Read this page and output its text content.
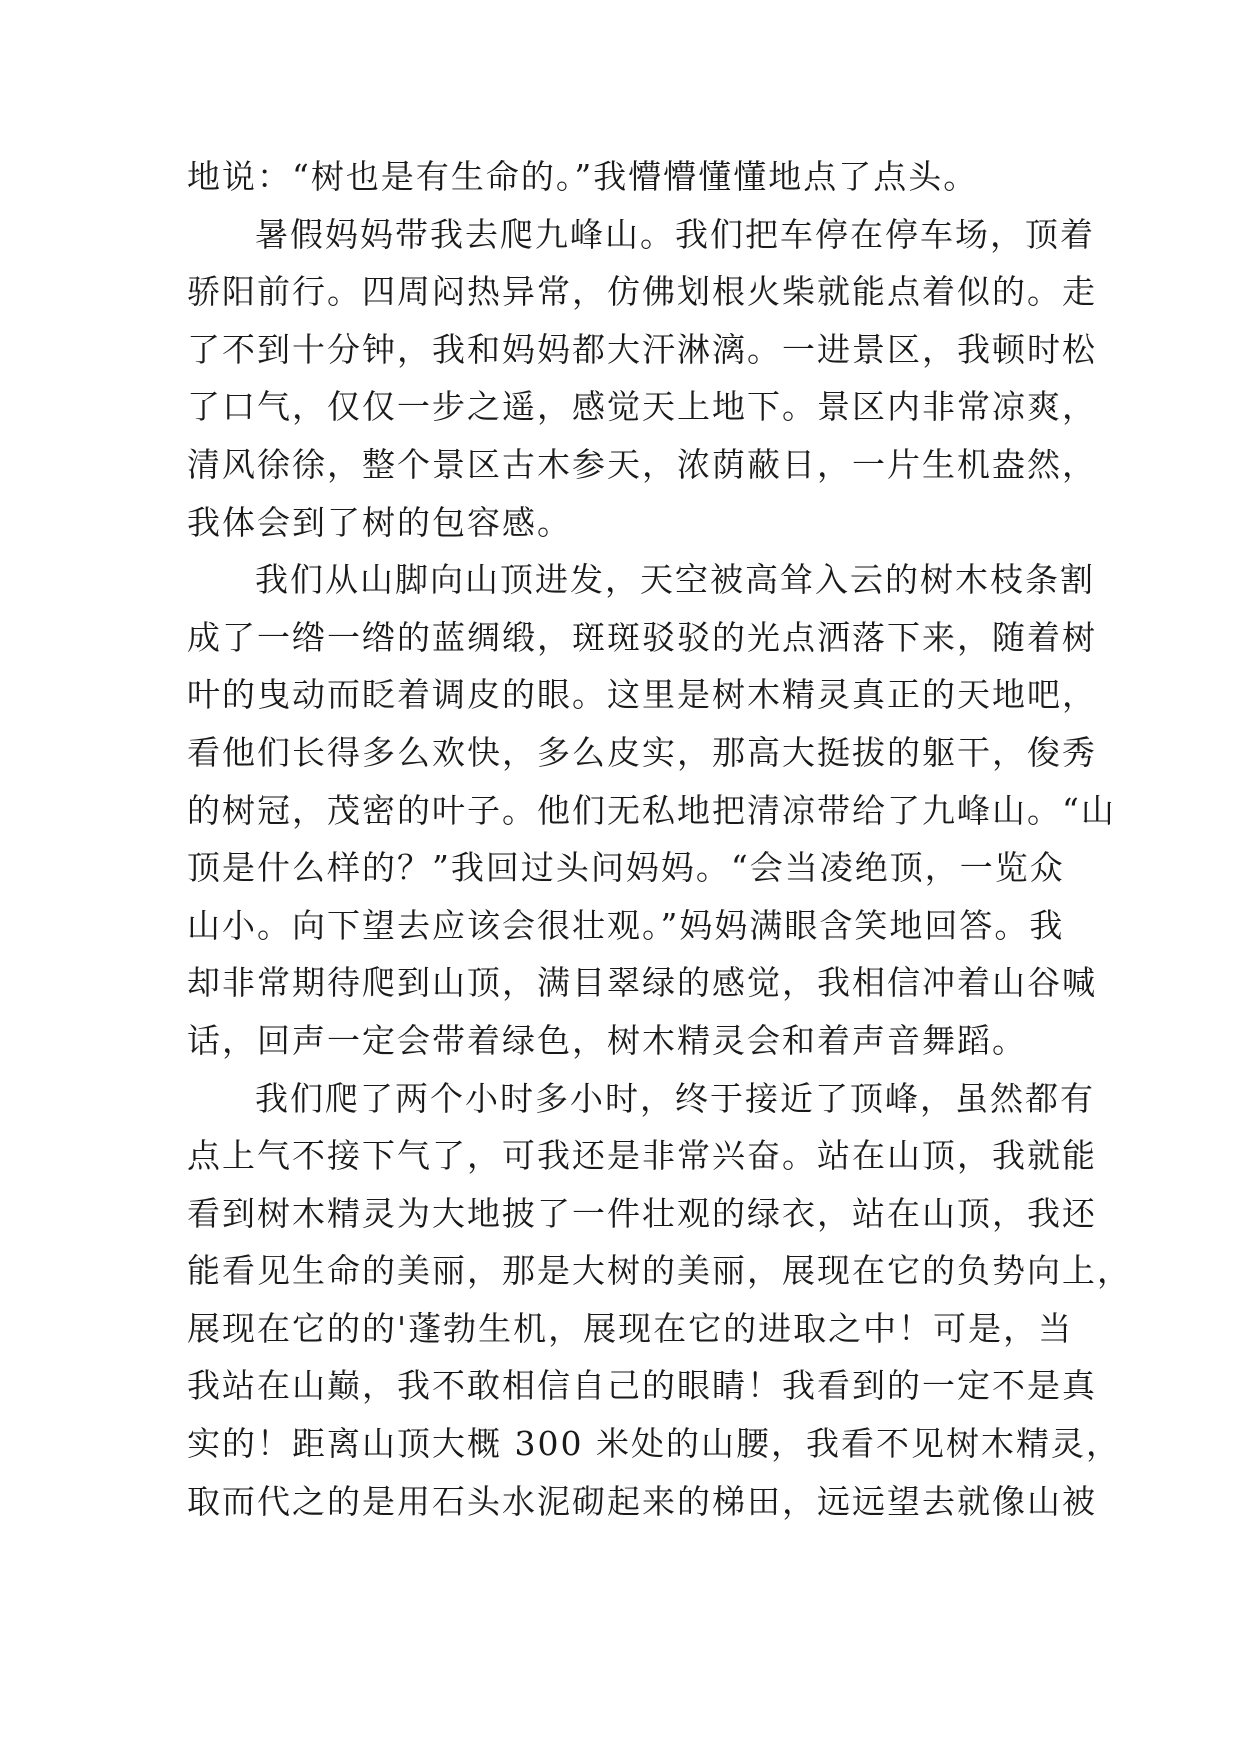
地说：“树也是有生命的。”我懵懵懂懂地点了点头。
暑假妈妈带我去爬九峰山。我们把车停在停车场，顶着
骄阳前行。四周闷热异常，仿佛划根火柴就能点着似的。走
了不到十分钟，我和妈妈都大汗淋漓。一进景区，我顿时松
了口气，仅仅一步之遥，感觉天上地下。景区内非常凉爽，
清风徐徐，整个景区古木参天，浓荫蔽日，一片生机盎然，
我体会到了树的包容感。
我们从山脚向山顶进发，天空被高耸入云的树木枝条割
成了一绺一绺的蓝绸缎，斑斑驳驳的光点洒落下来，随着树
叶的曳动而眨着调皮的眼。这里是树木精灵真正的天地吧，
看他们长得多么欢快，多么皮实，那高大挺拔的躯干，俊秀
的树冠，茂密的叶子。他们无私地把清凉带给了九峰山。“山
顶是什么样的？”我回过头问妈妈。“会当凌绝顶，一览众
山小。向下望去应该会很壮观。”妈妈满眼含笑地回答。我
却非常期待爬到山顶，满目翠绿的感觉，我相信冲着山谷喊
话，回声一定会带着绿色，树木精灵会和着声音舞蹈。
我们爬了两个小时多小时，终于接近了顶峰，虽然都有
点上气不接下气了，可我还是非常兴奋。站在山顶，我就能
看到树木精灵为大地披了一件壮观的绿衣，站在山顶，我还
能看见生命的美丽，那是大树的美丽，展现在它的负势向上，
展现在它的的'蓬勃生机，展现在它的进取之中！可是，当
我站在山巅，我不敢相信自己的眼睛！我看到的一定不是真
实的！距离山顶大概 300 米处的山腰，我看不见树木精灵，
取而代之的是用石头水泥砌起来的梯田，远远望去就像山被
